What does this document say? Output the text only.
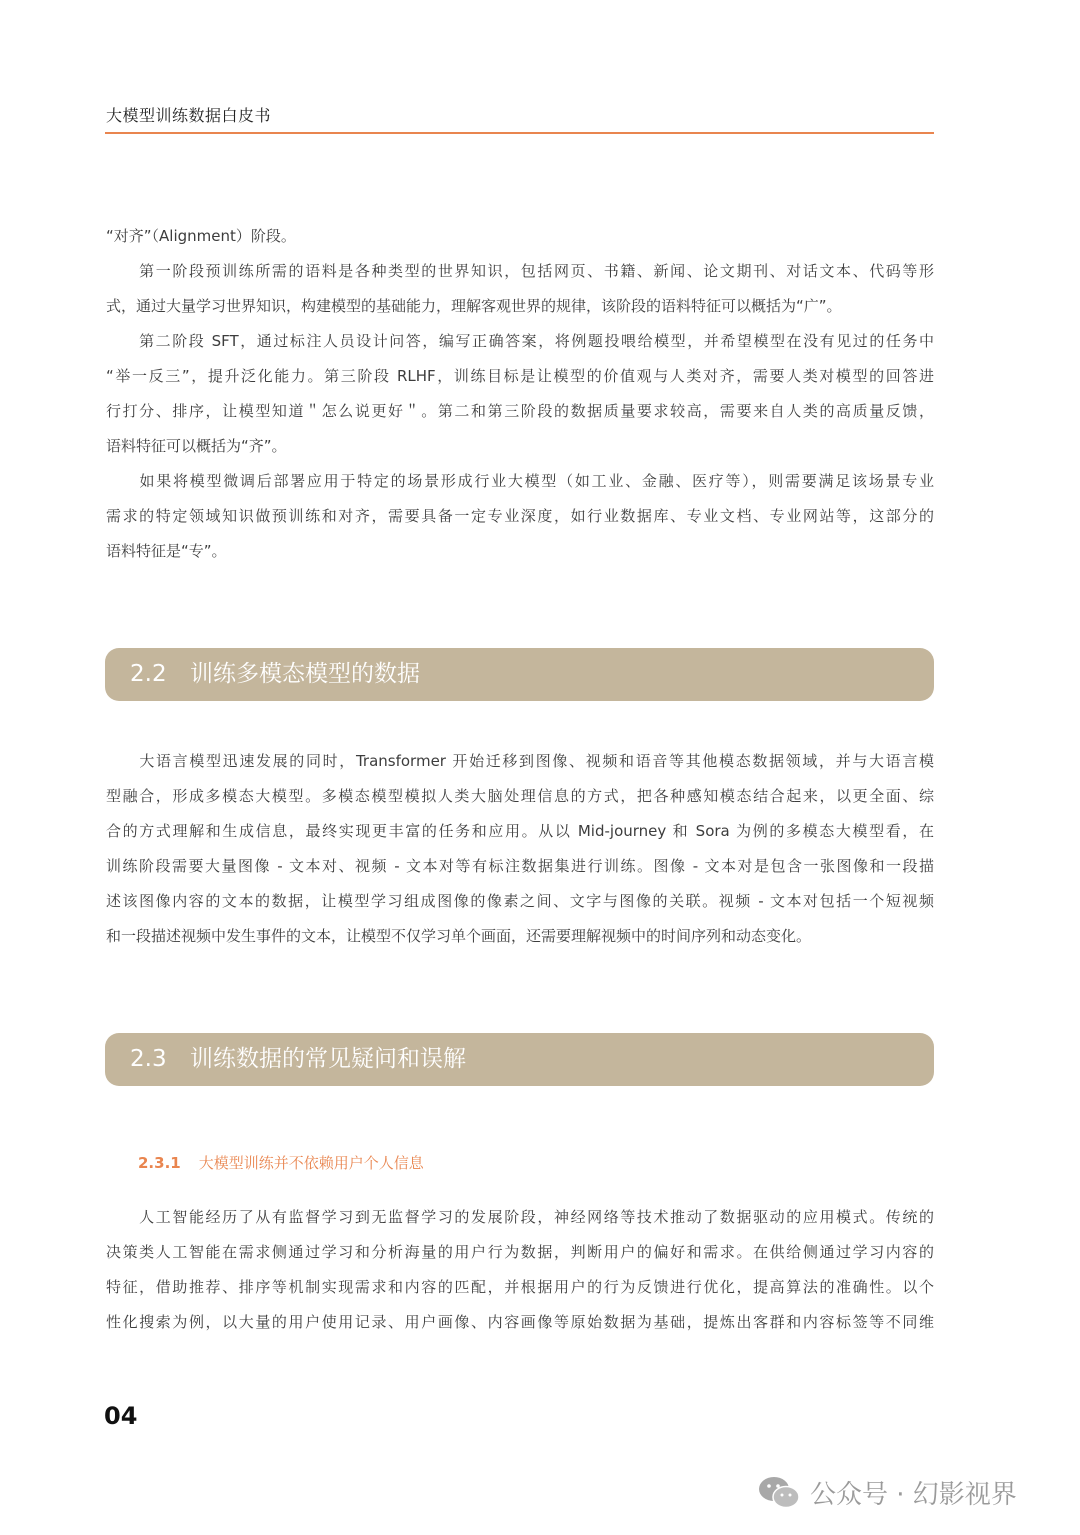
大模型训练数据白皮书

“对齐”（Alignment）阶段。

　　第一阶段预训练所需的语料是各种类型的世界知识，包括网页、书籍、新闻、论文期刊、对话文本、代码等形
式，通过大量学习世界知识，构建模型的基础能力，理解客观世界的规律，该阶段的语料特征可以概括为“广”。

　　第二阶段 SFT，通过标注人员设计问答，编写正确答案，将例题投喂给模型，并希望模型在没有见过的任务中
“举一反三”，提升泛化能力。第三阶段 RLHF，训练目标是让模型的价值观与人类对齐，需要人类对模型的回答进
行打分、排序，让模型知道＂怎么说更好＂。第二和第三阶段的数据质量要求较高，需要来自人类的高质量反馈，
语料特征可以概括为“齐”。

　　如果将模型微调后部署应用于特定的场景形成行业大模型（如工业、金融、医疗等），则需要满足该场景专业
需求的特定领域知识做预训练和对齐，需要具备一定专业深度，如行业数据库、专业文档、专业网站等，这部分的
语料特征是“专”。

2.2 训练多模态模型的数据

　　大语言模型迅速发展的同时，Transformer 开始迁移到图像、视频和语音等其他模态数据领域，并与大语言模
型融合，形成多模态大模型。多模态模型模拟人类大脑处理信息的方式，把各种感知模态结合起来，以更全面、综
合的方式理解和生成信息，最终实现更丰富的任务和应用。从以 Mid-journey 和 Sora 为例的多模态大模型看，在
训练阶段需要大量图像 - 文本对、视频 - 文本对等有标注数据集进行训练。图像 - 文本对是包含一张图像和一段描
述该图像内容的文本的数据，让模型学习组成图像的像素之间、文字与图像的关联。视频 - 文本对包括一个短视频
和一段描述视频中发生事件的文本，让模型不仅学习单个画面，还需要理解视频中的时间序列和动态变化。

2.3 训练数据的常见疑问和误解
2.3.1 大模型训练并不依赖用户个人信息

　　人工智能经历了从有监督学习到无监督学习的发展阶段，神经网络等技术推动了数据驱动的应用模式。传统的
决策类人工智能在需求侧通过学习和分析海量的用户行为数据，判断用户的偏好和需求。在供给侧通过学习内容的
特征，借助推荐、排序等机制实现需求和内容的匹配，并根据用户的行为反馈进行优化，提高算法的准确性。以个
性化搜索为例，以大量的用户使用记录、用户画像、内容画像等原始数据为基础，提炼出客群和内容标签等不同维

04
公众号 · 幻影视界
